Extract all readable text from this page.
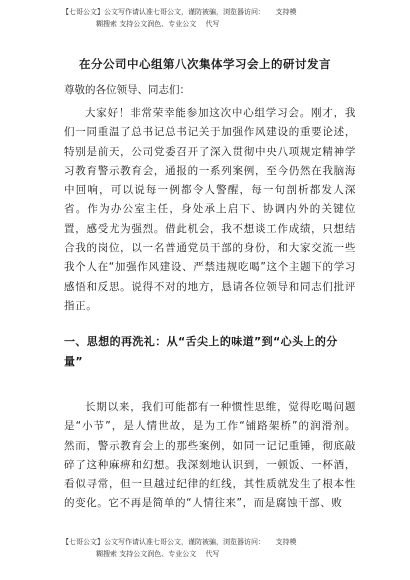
【七哥公文】公文写作请认准七哥公文，谨防被骗，浏览器访问：　　支持模
糊搜索 支持公文润色、专业公文　 代写
在分公司中心组第八次集体学习会上的研讨发言
尊敬的各位领导、同志们：

大家好！非常荣幸能参加这次中心组学习会。刚才，我们一同重温了总书记总书记关于加强作风建设的重要论述，特别是前天，公司党委召开了深入贯彻中央八项规定精神学习教育警示教育会，通报的一系列案例，至今仍然在我脑海中回响，可以说每一例都令人警醒，每一句剖析都发人深省。作为办公室主任，身处承上启下、协调内外的关键位置，感受尤为强烈。借此机会，我不想谈工作成绩，只想结合我的岗位，以一名普通党员干部的身份，和大家交流一些我个人在“加强作风建设、严禁违规吃喝”这个主题下的学习感悟和反思。说得不对的地方，恳请各位领导和同志们批评指正。

一、思想的再洗礼：从“舌尖上的味道”到“心头上的分量”

长期以来，我们可能都有一种惯性思维，觉得吃喝问题是“小节”，是人情世故，是为工作“铺路架桥”的润滑剂。 然而，警示教育会上的那些案例，如同一记记重锤，彻底敲碎了这种麻痹和幻想。我深刻地认识到，一顿饭、一杯酒，看似寻常，但一旦越过纪律的红线，其性质就发生了根本性的变化。它不再是简单的“人情往来”，而是腐蚀干部、败

【七哥公文】公文写作请认准七哥公文，谨防被骗，浏览器访问：　　支持模
糊搜索 支持公文润色、专业公文　 代写
